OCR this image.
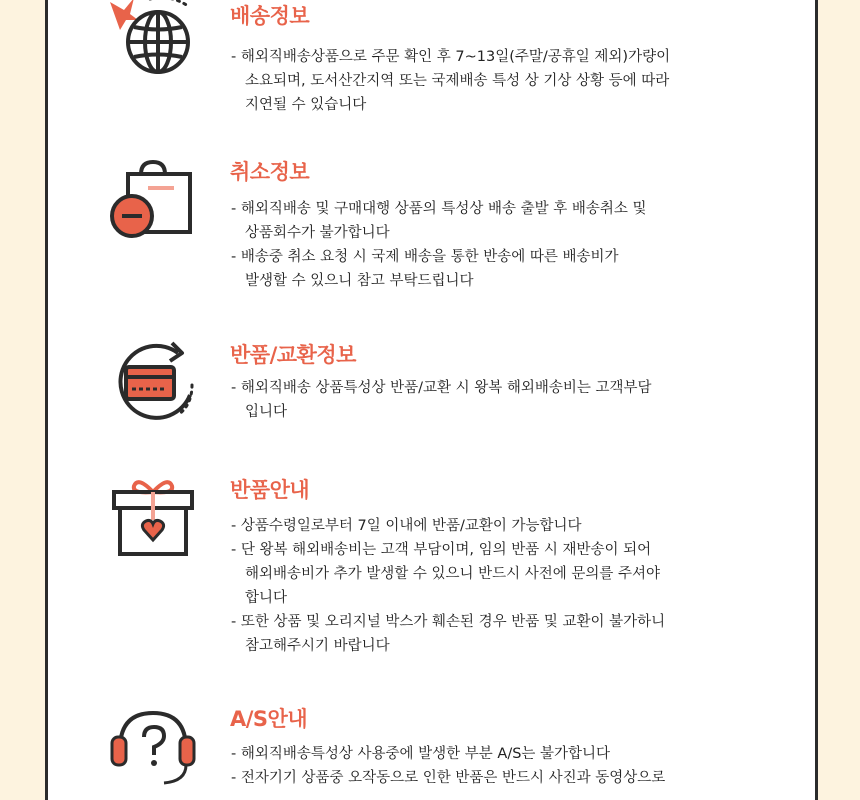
배송정보
- 해외직배송상품으로 주문 확인 후 7~13일(주말/공휴일 제외)가량이
소요되며, 도서산간지역 또는 국제배송 특성 상 기상 상황 등에 따라
지연될 수 있습니다
취소정보
- 해외직배송 및 구매대행 상품의 특성상 배송 출발 후 배송취소 및
상품회수가 불가합니다
- 배송중 취소 요청 시 국제 배송을 통한 반송에 따른 배송비가
발생할 수 있으니 참고 부탁드립니다
반품/교환정보
- 해외직배송 상품특성상 반품/교환 시 왕복 해외배송비는 고객부담
입니다
반품안내
- 상품수령일로부터 7일 이내에 반품/교환이 가능합니다
- 단 왕복 해외배송비는 고객 부담이며, 임의 반품 시 재반송이 되어
해외배송비가 추가 발생할 수 있으니 반드시 사전에 문의를 주셔야
합니다
- 또한 상품 및 오리지널 박스가 훼손된 경우 반품 및 교환이 불가하니
참고해주시기 바랍니다
A/S안내
- 해외직배송특성상 사용중에 발생한 부분 A/S는 불가합니다
- 전자기기 상품중 오작동으로 인한 반품은 반드시 사진과 동영상으로
